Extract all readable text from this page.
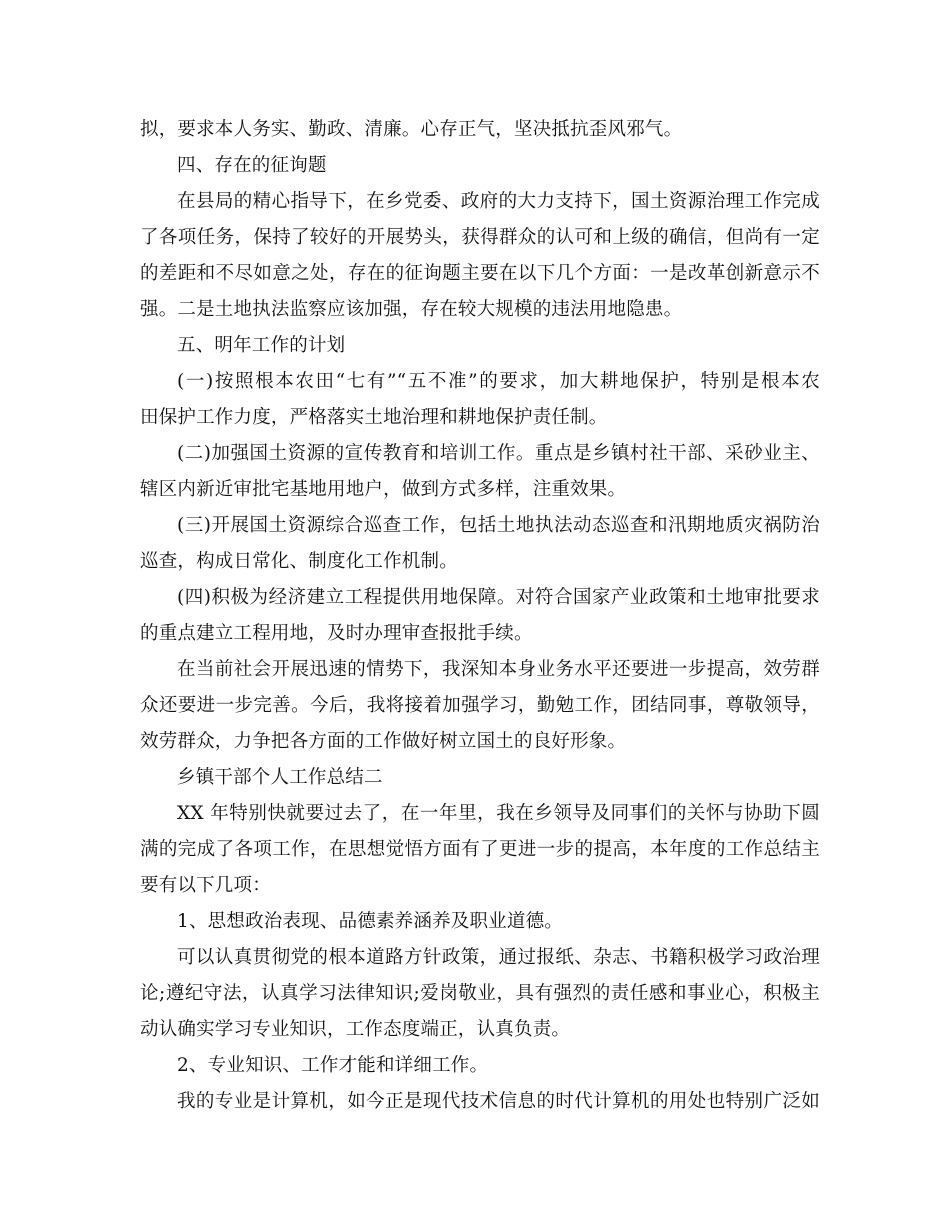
拟，要求本人务实、勤政、清廉。心存正气，坚决抵抗歪风邪气。
四、存在的征询题
在县局的精心指导下，在乡党委、政府的大力支持下，国土资源治理工作完成
了各项任务，保持了较好的开展势头，获得群众的认可和上级的确信，但尚有一定
的差距和不尽如意之处，存在的征询题主要在以下几个方面：一是改革创新意示不
强。二是土地执法监察应该加强，存在较大规模的违法用地隐患。
五、明年工作的计划
(一)按照根本农田“七有”“五不准”的要求，加大耕地保护，特别是根本农
田保护工作力度，严格落实土地治理和耕地保护责任制。
(二)加强国土资源的宣传教育和培训工作。重点是乡镇村社干部、采砂业主、
辖区内新近审批宅基地用地户，做到方式多样，注重效果。
(三)开展国土资源综合巡查工作，包括土地执法动态巡查和汛期地质灾祸防治
巡查，构成日常化、制度化工作机制。
(四)积极为经济建立工程提供用地保障。对符合国家产业政策和土地审批要求
的重点建立工程用地，及时办理审查报批手续。
在当前社会开展迅速的情势下，我深知本身业务水平还要进一步提高，效劳群
众还要进一步完善。今后，我将接着加强学习，勤勉工作，团结同事，尊敬领导，
效劳群众，力争把各方面的工作做好树立国土的良好形象。
乡镇干部个人工作总结二
XX 年特别快就要过去了，在一年里，我在乡领导及同事们的关怀与协助下圆
满的完成了各项工作，在思想觉悟方面有了更进一步的提高，本年度的工作总结主
要有以下几项：
1、思想政治表现、品德素养涵养及职业道德。
可以认真贯彻党的根本道路方针政策，通过报纸、杂志、书籍积极学习政治理
论;遵纪守法，认真学习法律知识;爱岗敬业，具有强烈的责任感和事业心，积极主
动认确实学习专业知识，工作态度端正，认真负责。
2、专业知识、工作才能和详细工作。
我的专业是计算机，如今正是现代技术信息的时代计算机的用处也特别广泛如
